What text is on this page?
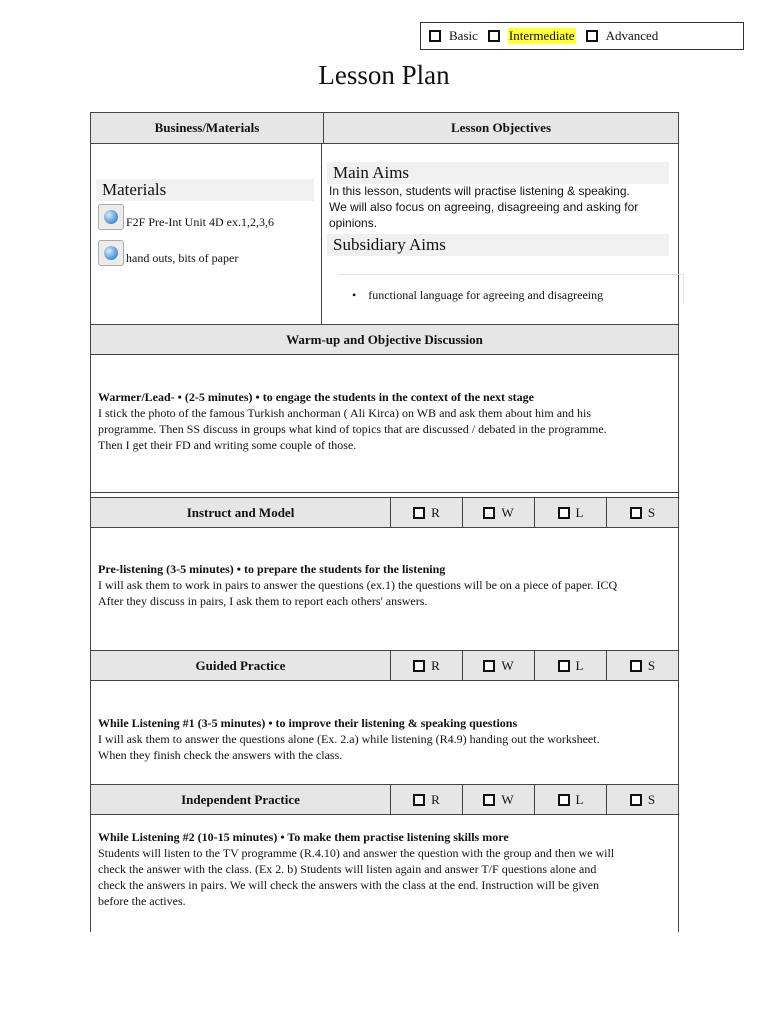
Basic Intermediate Advanced
Lesson Plan
Business/Materials	Lesson Objectives
Materials
F2F Pre-Int Unit 4D ex.1,2,3,6
hand outs, bits of paper
Main Aims
In this lesson, students will practise listening & speaking.
We will also focus on agreeing, disagreeing and asking for
opinions.
Subsidiary Aims
• functional language for agreeing and disagreeing
Warm-up and Objective Discussion
Warmer/Lead- • (2-5 minutes) • to engage the students in the context of the next stage
I stick the photo of the famous Turkish anchorman ( Ali Kirca) on WB and ask them about him and his
programme. Then SS discuss in groups what kind of topics that are discussed / debated in the programme.
Then I get their FD and writing some couple of those.
Instruct and Model	R	W	L	S
Pre-listening (3-5 minutes) • to prepare the students for the listening
I will ask them to work in pairs to answer the questions (ex.1) the questions will be on a piece of paper. ICQ
After they discuss in pairs, I ask them to report each others' answers.
Guided Practice	R	W	L	S
While Listening #1 (3-5 minutes) • to improve their listening & speaking questions
I will ask them to answer the questions alone (Ex. 2.a) while listening (R4.9) handing out the worksheet.
When they finish check the answers with the class.
Independent Practice	R	W	L	S
While Listening #2 (10-15 minutes) • To make them practise listening skills more
Students will listen to the TV programme (R.4.10) and answer the question with the group and then we will
check the answer with the class. (Ex 2. b) Students will listen again and answer T/F questions alone and
check the answers in pairs. We will check the answers with the class at the end. Instruction will be given
before the actives.
